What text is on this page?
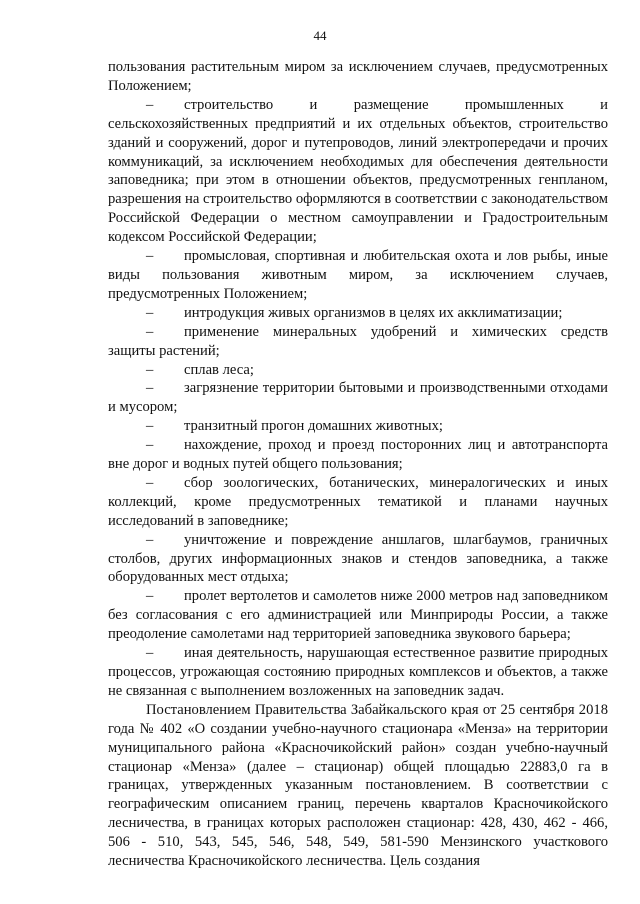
44

пользования растительным миром за исключением случаев, предусмотренных Положением;

– строительство и размещение промышленных и сельскохозяйственных предприятий и их отдельных объектов, строительство зданий и сооружений, дорог и путепроводов, линий электропередачи и прочих коммуникаций, за исключением необходимых для обеспечения деятельности заповедника; при этом в отношении объектов, предусмотренных генпланом, разрешения на строительство оформляются в соответствии с законодательством Российской Федерации о местном самоуправлении и Градостроительным кодексом Российской Федерации;

– промысловая, спортивная и любительская охота и лов рыбы, иные виды пользования животным миром, за исключением случаев, предусмотренных Положением;

– интродукция живых организмов в целях их акклиматизации;

– применение минеральных удобрений и химических средств защиты растений;

– сплав леса;

– загрязнение территории бытовыми и производственными отходами и мусором;

– транзитный прогон домашних животных;

– нахождение, проход и проезд посторонних лиц и автотранспорта вне дорог и водных путей общего пользования;

– сбор зоологических, ботанических, минералогических и иных коллекций, кроме предусмотренных тематикой и планами научных исследований в заповеднике;

– уничтожение и повреждение аншлагов, шлагбаумов, граничных столбов, других информационных знаков и стендов заповедника, а также оборудованных мест отдыха;

– пролет вертолетов и самолетов ниже 2000 метров над заповедником без согласования с его администрацией или Минприроды России, а также преодоление самолетами над территорией заповедника звукового барьера;

– иная деятельность, нарушающая естественное развитие природных процессов, угрожающая состоянию природных комплексов и объектов, а также не связанная с выполнением возложенных на заповедник задач.

Постановлением Правительства Забайкальского края от 25 сентября 2018 года № 402 «О создании учебно-научного стационара «Менза» на территории муниципального района «Красночикойский район» создан учебно-научный стационар «Менза» (далее – стационар) общей площадью 22883,0 га в границах, утвержденных указанным постановлением. В соответствии с географическим описанием границ, перечень кварталов Красночикойского лесничества, в границах которых расположен стационар: 428, 430, 462 - 466, 506 - 510, 543, 545, 546, 548, 549, 581-590 Мензинского участкового лесничества Красночикойского лесничества. Цель создания
